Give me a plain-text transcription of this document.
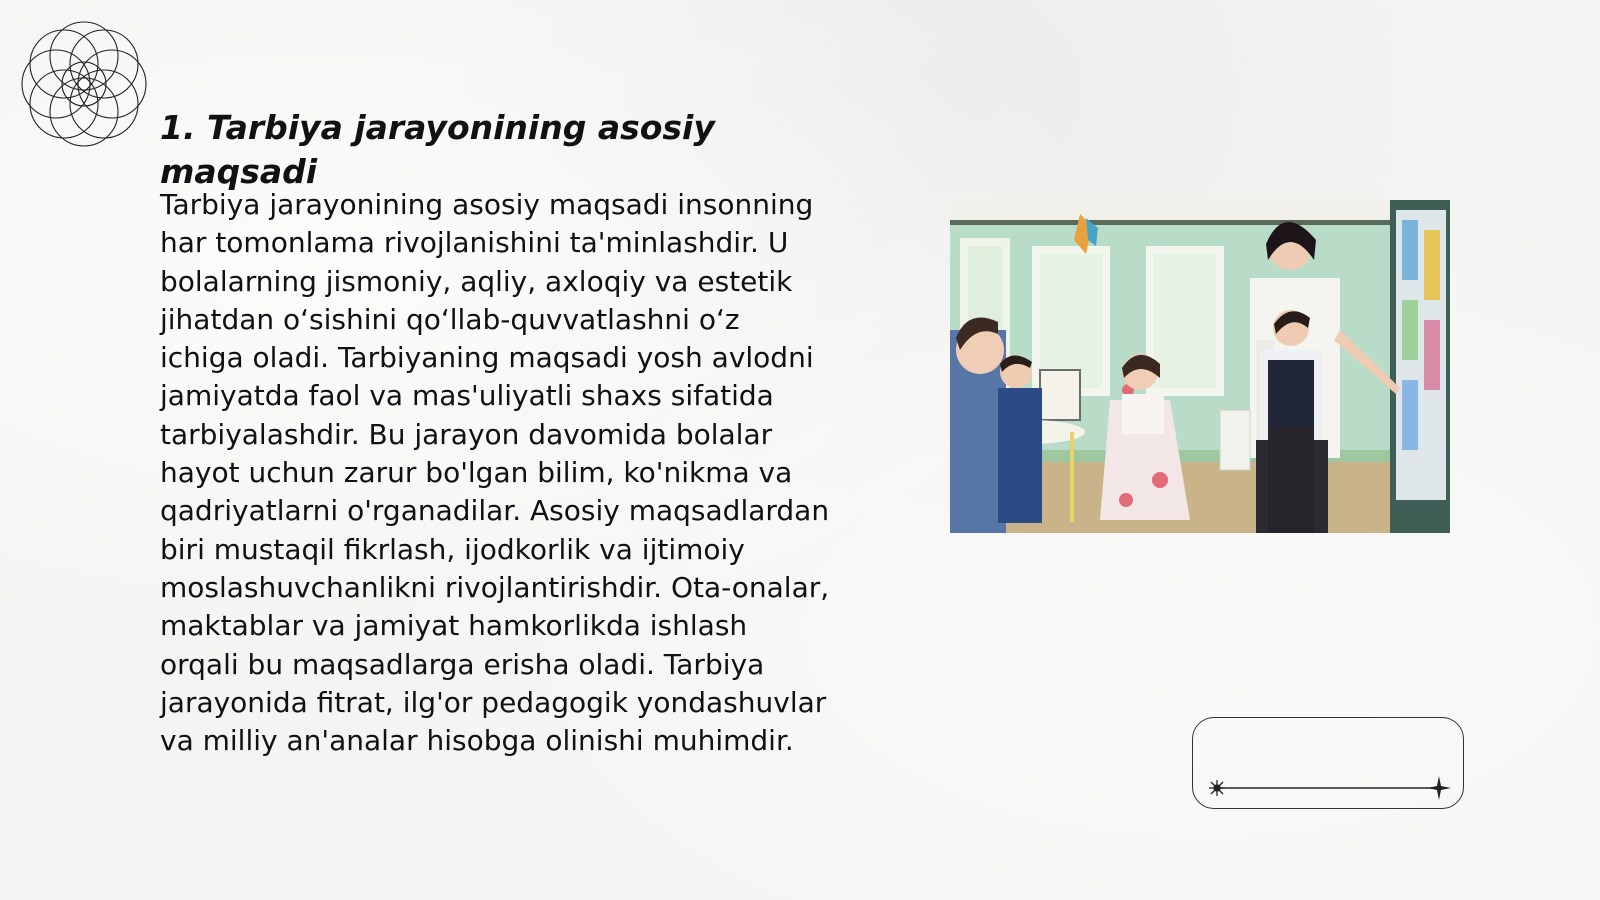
1. Tarbiya jarayonining asosiy maqsadi

Tarbiya jarayonining asosiy maqsadi insonning har tomonlama rivojlanishini ta'minlashdir. U bolalarning jismoniy, aqliy, axloqiy va estetik jihatdan o‘sishini qo‘llab-quvvatlashni o‘z ichiga oladi. Tarbiyaning maqsadi yosh avlodni jamiyatda faol va mas'uliyatli shaxs sifatida tarbiyalashdir. Bu jarayon davomida bolalar hayot uchun zarur bo'lgan bilim, ko'nikma va qadriyatlarni o'rganadilar. Asosiy maqsadlardan biri mustaqil fikrlash, ijodkorlik va ijtimoiy moslashuvchanlikni rivojlantirishdir. Ota-onalar, maktablar va jamiyat hamkorlikda ishlash orqali bu maqsadlarga erisha oladi. Tarbiya jarayonida fitrat, ilg'or pedagogik yondashuvlar va milliy an'analar hisobga olinishi muhimdir.
